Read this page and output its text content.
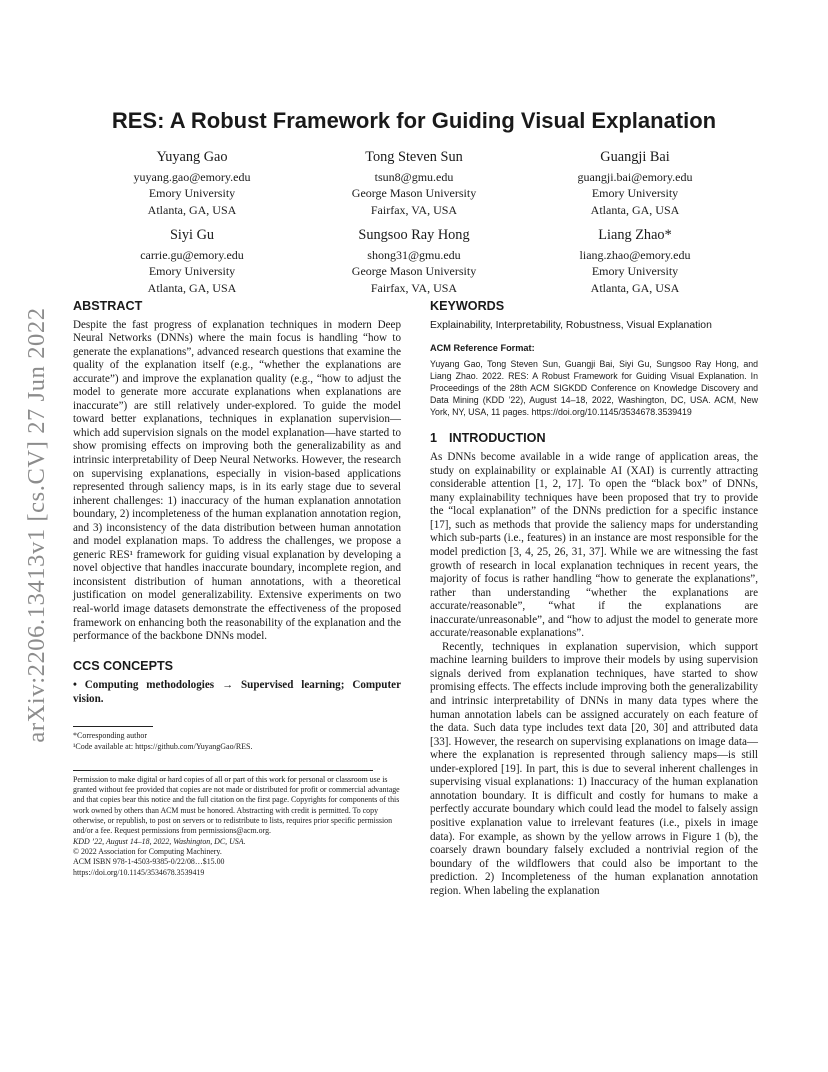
arXiv:2206.13413v1 [cs.CV] 27 Jun 2022
RES: A Robust Framework for Guiding Visual Explanation
Yuyang Gao
yuyang.gao@emory.edu
Emory University
Atlanta, GA, USA
Tong Steven Sun
tsun8@gmu.edu
George Mason University
Fairfax, VA, USA
Guangji Bai
guangji.bai@emory.edu
Emory University
Atlanta, GA, USA
Siyi Gu
carrie.gu@emory.edu
Emory University
Atlanta, GA, USA
Sungsoo Ray Hong
shong31@gmu.edu
George Mason University
Fairfax, VA, USA
Liang Zhao*
liang.zhao@emory.edu
Emory University
Atlanta, GA, USA
ABSTRACT

Despite the fast progress of explanation techniques in modern Deep Neural Networks (DNNs) where the main focus is handling “how to generate the explanations”, advanced research questions that examine the quality of the explanation itself (e.g., “whether the explanations are accurate”) and improve the explanation quality (e.g., “how to adjust the model to generate more accurate explanations when explanations are inaccurate”) are still relatively under-explored. To guide the model toward better explanations, techniques in explanation supervision—which add supervision signals on the model explanation—have started to show promising effects on improving both the generalizability as and intrinsic interpretability of Deep Neural Networks. However, the research on supervising explanations, especially in vision-based applications represented through saliency maps, is in its early stage due to several inherent challenges: 1) inaccuracy of the human explanation annotation boundary, 2) incompleteness of the human explanation annotation region, and 3) inconsistency of the data distribution between human annotation and model explanation maps. To address the challenges, we propose a generic RES¹ framework for guiding visual explanation by developing a novel objective that handles inaccurate boundary, incomplete region, and inconsistent distribution of human annotations, with a theoretical justification on model generalizability. Extensive experiments on two real-world image datasets demonstrate the effectiveness of the proposed framework on enhancing both the reasonability of the explanation and the performance of the backbone DNNs model.

CCS CONCEPTS

• Computing methodologies → Supervised learning; Computer vision.

*Corresponding author
¹Code available at: https://github.com/YuyangGao/RES.

Permission to make digital or hard copies of all or part of this work for personal or classroom use is granted without fee provided that copies are not made or distributed for profit or commercial advantage and that copies bear this notice and the full citation on the first page. Copyrights for components of this work owned by others than ACM must be honored. Abstracting with credit is permitted. To copy otherwise, or republish, to post on servers or to redistribute to lists, requires prior specific permission and/or a fee. Request permissions from permissions@acm.org.

KDD ’22, August 14–18, 2022, Washington, DC, USA.
© 2022 Association for Computing Machinery.
ACM ISBN 978-1-4503-9385-0/22/08…$15.00
https://doi.org/10.1145/3534678.3539419
KEYWORDS

Explainability, Interpretability, Robustness, Visual Explanation

ACM Reference Format:

Yuyang Gao, Tong Steven Sun, Guangji Bai, Siyi Gu, Sungsoo Ray Hong, and Liang Zhao. 2022. RES: A Robust Framework for Guiding Visual Explanation. In Proceedings of the 28th ACM SIGKDD Conference on Knowledge Discovery and Data Mining (KDD ’22), August 14–18, 2022, Washington, DC, USA. ACM, New York, NY, USA, 11 pages. https://doi.org/10.1145/3534678.3539419

1 INTRODUCTION

As DNNs become available in a wide range of application areas, the study on explainability or explainable AI (XAI) is currently attracting considerable attention [1, 2, 17]. To open the “black box” of DNNs, many explainability techniques have been proposed that try to provide the “local explanation” of the DNNs prediction for a specific instance [17], such as methods that provide the saliency maps for understanding which sub-parts (i.e., features) in an instance are most responsible for the model prediction [3, 4, 25, 26, 31, 37]. While we are witnessing the fast growth of research in local explanation techniques in recent years, the majority of focus is rather handling “how to generate the explanations”, rather than understanding “whether the explanations are accurate/reasonable”, “what if the explanations are inaccurate/unreasonable”, and “how to adjust the model to generate more accurate/reasonable explanations”.

Recently, techniques in explanation supervision, which support machine learning builders to improve their models by using supervision signals derived from explanation techniques, have started to show promising effects. The effects include improving both the generalizability and intrinsic interpretability of DNNs in many data types where the human annotation labels can be assigned accurately on each feature of the data. Such data type includes text data [20, 30] and attributed data [33]. However, the research on supervising explanations on image data—where the explanation is represented through saliency maps—is still under-explored [19]. In part, this is due to several inherent challenges in supervising visual explanations: 1) Inaccuracy of the human explanation annotation boundary. It is difficult and costly for humans to make a perfectly accurate boundary which could lead the model to falsely assign positive explanation value to irrelevant features (i.e., pixels in image data). For example, as shown by the yellow arrows in Figure 1 (b), the coarsely drawn boundary falsely excluded a nontrivial region of the boundary of the wildflowers that could also be important to the prediction. 2) Incompleteness of the human explanation annotation region. When labeling the explanation
